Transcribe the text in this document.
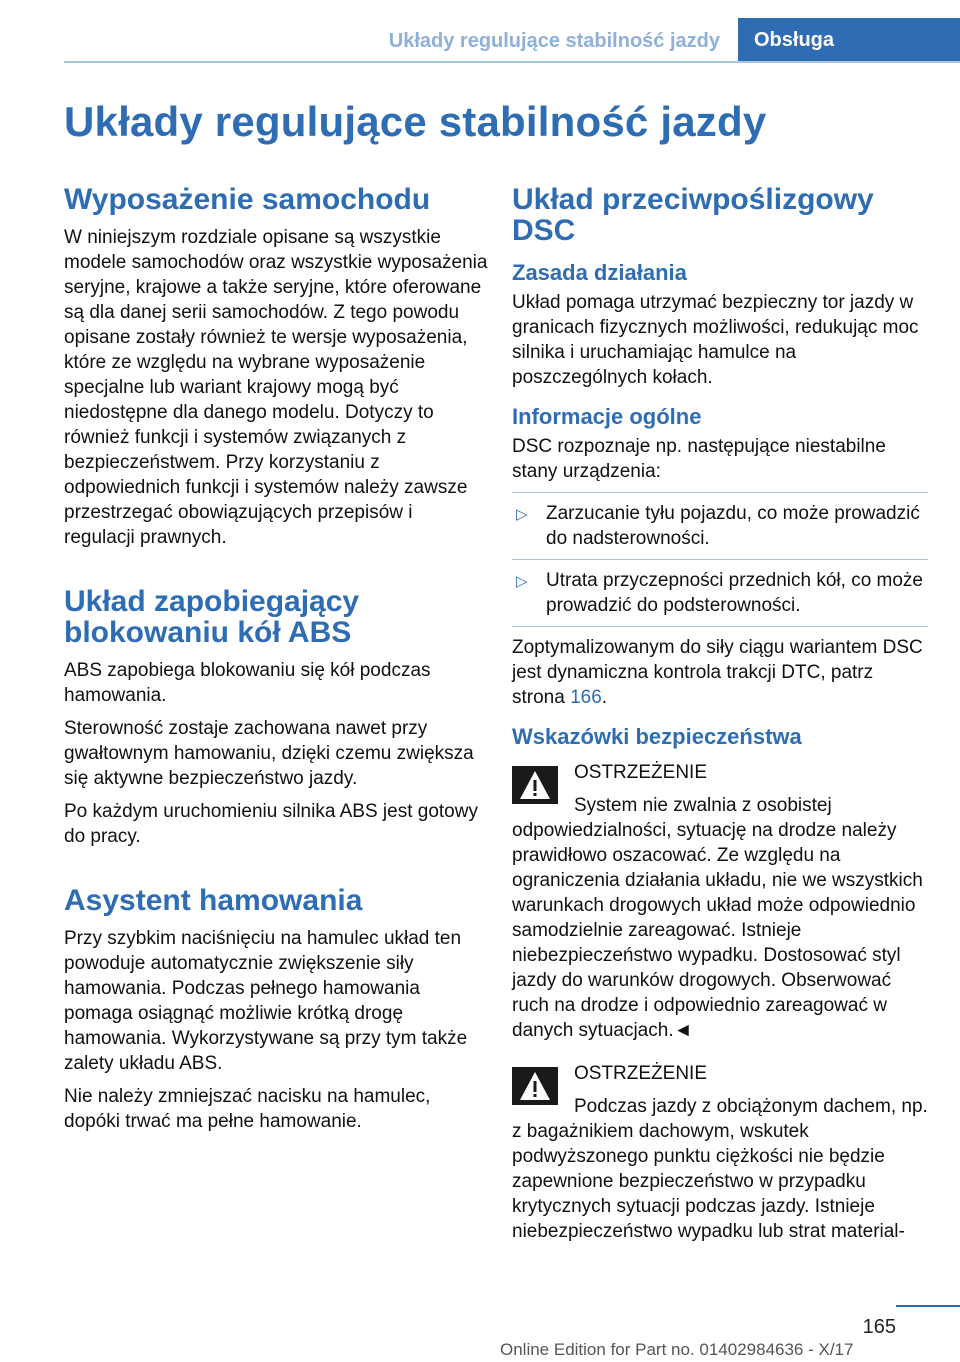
Układy regulujące stabilność jazdy	Obsługa
Układy regulujące stabilność jazdy
Wyposażenie samochodu

W niniejszym rozdziale opisane są wszystkie modele samochodów oraz wszystkie wyposażenia seryjne, krajowe a także seryjne, które oferowane są dla danej serii samochodów. Z tego powodu opisane zostały również te wersje wyposażenia, które ze względu na wybrane wyposażenie specjalne lub wariant krajowy mogą być niedostępne dla danego modelu. Dotyczy to również funkcji i systemów związanych z bezpieczeństwem. Przy korzystaniu z odpowiednich funkcji i systemów należy zawsze przestrzegać obowiązujących przepisów i regulacji prawnych.

Układ zapobiegający blokowaniu kół ABS

ABS zapobiega blokowaniu się kół podczas hamowania.

Sterowność zostaje zachowana nawet przy gwałtownym hamowaniu, dzięki czemu zwiększa się aktywne bezpieczeństwo jazdy.

Po każdym uruchomieniu silnika ABS jest gotowy do pracy.

Asystent hamowania

Przy szybkim naciśnięciu na hamulec układ ten powoduje automatycznie zwiększenie siły hamowania. Podczas pełnego hamowania pomaga osiągnąć możliwie krótką drogę hamowania. Wykorzystywane są przy tym także zalety układu ABS.

Nie należy zmniejszać nacisku na hamulec, dopóki trwać ma pełne hamowanie.

Układ przeciwpoślizgowy DSC
Zasada działania

Układ pomaga utrzymać bezpieczny tor jazdy w granicach fizycznych możliwości, redukując moc silnika i uruchamiając hamulce na poszczególnych kołach.

Informacje ogólne

DSC rozpoznaje np. następujące niestabilne stany urządzenia:

▷ Zarzucanie tyłu pojazdu, co może prowadzić do nadsterowności.
▷ Utrata przyczepności przednich kół, co może prowadzić do podsterowności.

Zoptymalizowanym do siły ciągu wariantem DSC jest dynamiczna kontrola trakcji DTC, patrz strona 166.

Wskazówki bezpieczeństwa

OSTRZEŻENIE

System nie zwalnia z osobistej odpowiedzialności, sytuację na drodze należy prawidłowo oszacować. Ze względu na ograniczenia działania układu, nie we wszystkich warunkach drogowych układ może odpowiednio samodzielnie zareagować. Istnieje niebezpieczeństwo wypadku. Dostosować styl jazdy do warunków drogowych. Obserwować ruch na drodze i odpowiednio zareagować w danych sytuacjach.◄

OSTRZEŻENIE

Podczas jazdy z obciążonym dachem, np. z bagażnikiem dachowym, wskutek podwyższonego punktu ciężkości nie będzie zapewnione bezpieczeństwo w przypadku krytycznych sytuacji podczas jazdy. Istnieje niebezpieczeństwo wypadku lub strat material-

165
Online Edition for Part no. 01402984636 - X/17
